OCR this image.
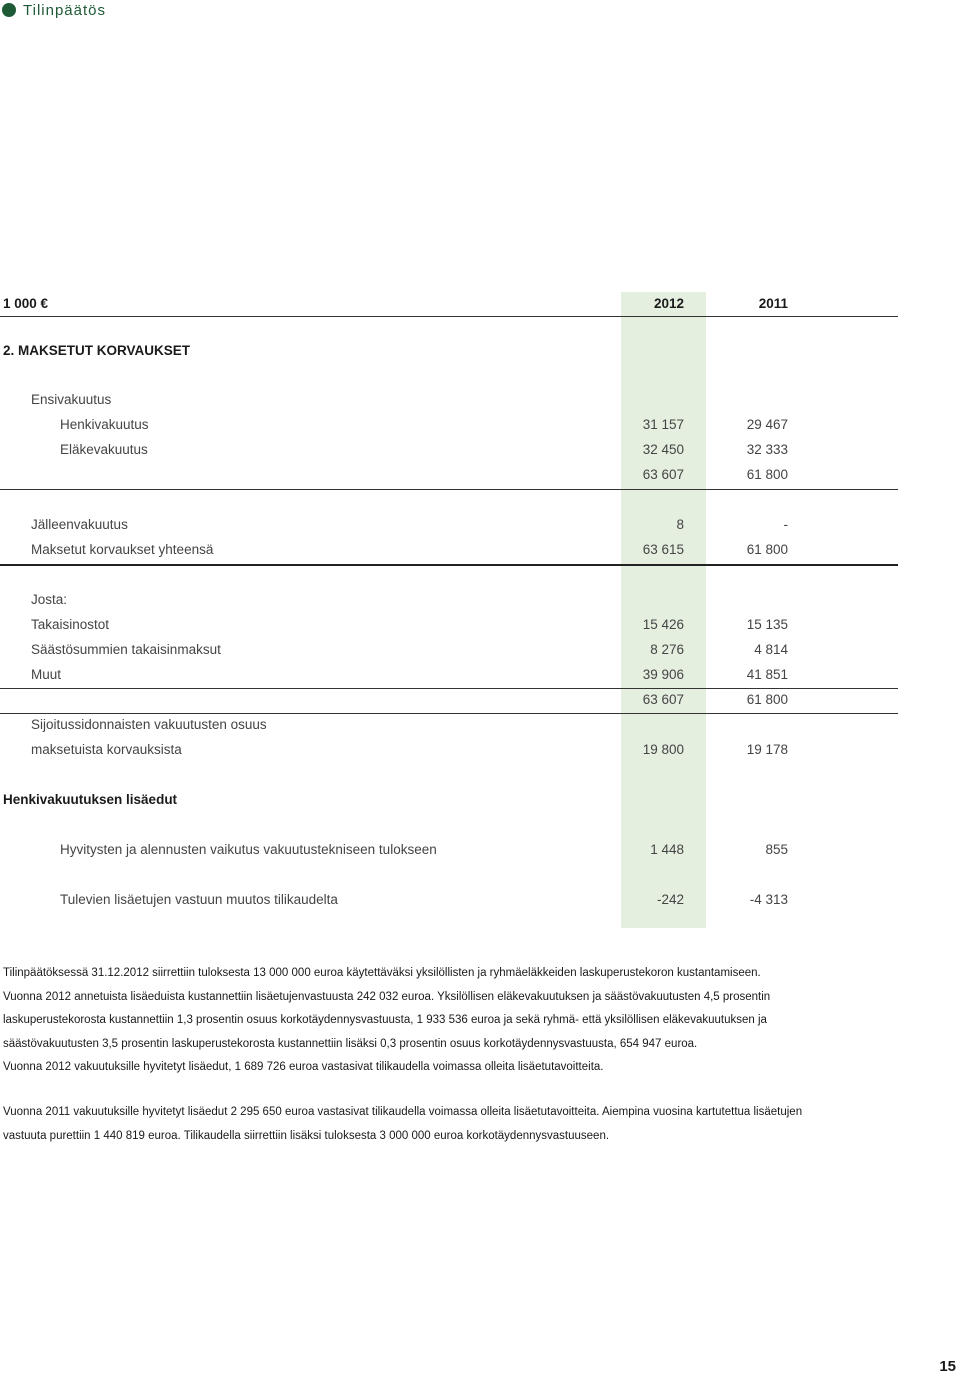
Tilinpäätös
1 000 €	2012	2011
2. MAKSETUT KORVAUKSET
Ensivakuutus
Henkivakuutus	31 157	29 467
Eläkevakuutus	32 450	32 333
63 607	61 800
Jälleenvakuutus	8	-
Maksetut korvaukset yhteensä	63 615	61 800
Josta:
Takaisinostot	15 426	15 135
Säästösummien takaisinmaksut	8 276	4 814
Muut	39 906	41 851
63 607	61 800
Sijoitussidonnaisten vakuutusten osuus
maksetuista korvauksista	19 800	19 178
Henkivakuutuksen lisäedut
Hyvitysten ja alennusten vaikutus vakuutustekniseen tulokseen	1 448	855
Tulevien lisäetujen vastuun muutos tilikaudelta	-242	-4 313

Tilinpäätöksessä 31.12.2012 siirrettiin tuloksesta 13 000 000 euroa käytettäväksi yksilöllisten ja ryhmäeläkkeiden laskuperustekoron kustantamiseen.

Vuonna 2012 annetuista lisäeduista kustannettiin lisäetujenvastuusta 242 032 euroa. Yksilöllisen eläkevakuutuksen ja säästövakuutusten 4,5 prosentin laskuperustekorosta kustannettiin 1,3 prosentin osuus korkotäydennysvastuusta, 1 933 536 euroa ja sekä ryhmä- että yksilöllisen eläkevakuutuksen ja säästövakuutusten 3,5 prosentin laskuperustekorosta kustannettiin lisäksi 0,3 prosentin osuus korkotäydennysvastuusta, 654 947 euroa.

Vuonna 2012 vakuutuksille hyvitetyt lisäedut, 1 689 726 euroa vastasivat tilikaudella voimassa olleita lisäetutavoitteita.

Vuonna 2011 vakuutuksille hyvitetyt lisäedut 2 295 650 euroa vastasivat tilikaudella voimassa olleita lisäetutavoitteita. Aiempina vuosina kartutettua lisäetujen vastuuta purettiin 1 440 819 euroa. Tilikaudella siirrettiin lisäksi tuloksesta 3 000 000 euroa korkotäydennysvastuuseen.

15
